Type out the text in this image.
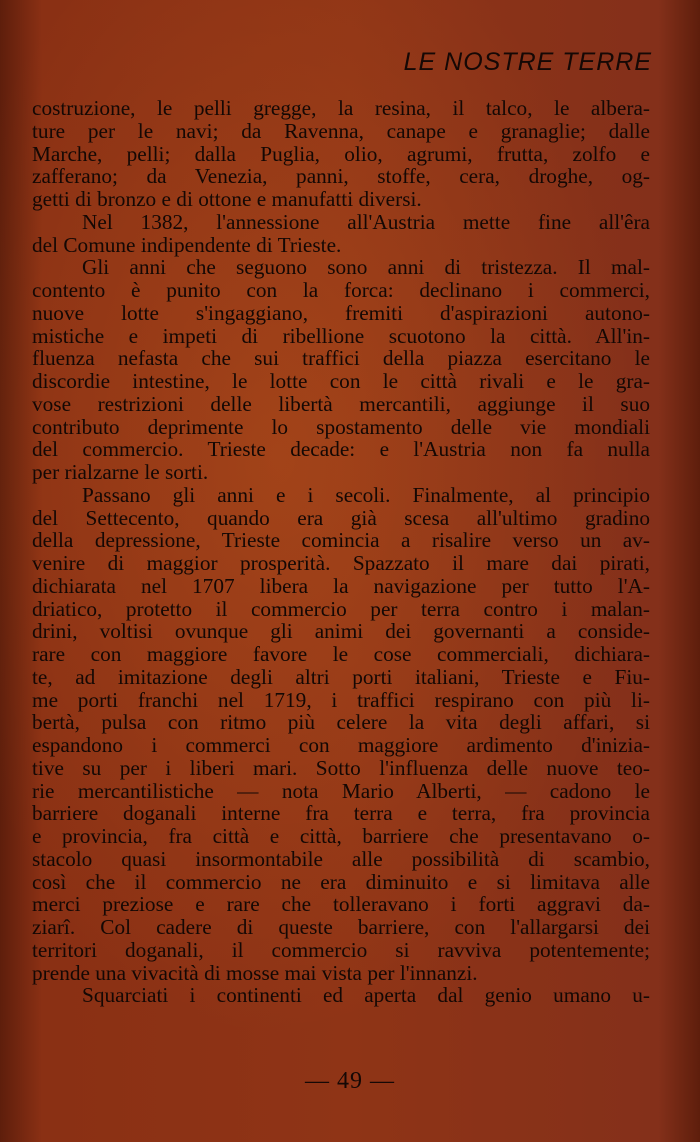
LE NOSTRE TERRE
costruzione, le pelli gregge, la resina, il talco, le albera-
ture per le navi; da Ravenna, canape e granaglie; dalle
Marche, pelli; dalla Puglia, olio, agrumi, frutta, zolfo e
zafferano; da Venezia, panni, stoffe, cera, droghe, og-
getti di bronzo e di ottone e manufatti diversi.
Nel 1382, l'annessione all'Austria mette fine all'êra
del Comune indipendente di Trieste.
Gli anni che seguono sono anni di tristezza. Il mal-
contento è punito con la forca: declinano i commerci,
nuove lotte s'ingaggiano, fremiti d'aspirazioni autono-
mistiche e impeti di ribellione scuotono la città. All'in-
fluenza nefasta che sui traffici della piazza esercitano le
discordie intestine, le lotte con le città rivali e le gra-
vose restrizioni delle libertà mercantili, aggiunge il suo
contributo deprimente lo spostamento delle vie mondiali
del commercio. Trieste decade: e l'Austria non fa nulla
per rialzarne le sorti.
Passano gli anni e i secoli. Finalmente, al principio
del Settecento, quando era già scesa all'ultimo gradino
della depressione, Trieste comincia a risalire verso un av-
venire di maggior prosperità. Spazzato il mare dai pirati,
dichiarata nel 1707 libera la navigazione per tutto l'A-
driatico, protetto il commercio per terra contro i malan-
drini, voltisi ovunque gli animi dei governanti a conside-
rare con maggiore favore le cose commerciali, dichiara-
te, ad imitazione degli altri porti italiani, Trieste e Fiu-
me porti franchi nel 1719, i traffici respirano con più li-
bertà, pulsa con ritmo più celere la vita degli affari, si
espandono i commerci con maggiore ardimento d'inizia-
tive su per i liberi mari. Sotto l'influenza delle nuove teo-
rie mercantilistiche — nota Mario Alberti, — cadono le
barriere doganali interne fra terra e terra, fra provincia
e provincia, fra città e città, barriere che presentavano o-
stacolo quasi insormontabile alle possibilità di scambio,
così che il commercio ne era diminuito e si limitava alle
merci preziose e rare che tolleravano i forti aggravi da-
ziarî. Col cadere di queste barriere, con l'allargarsi dei
territori doganali, il commercio si ravviva potentemente;
prende una vivacità di mosse mai vista per l'innanzi.
Squarciati i continenti ed aperta dal genio umano u-
— 49 —
